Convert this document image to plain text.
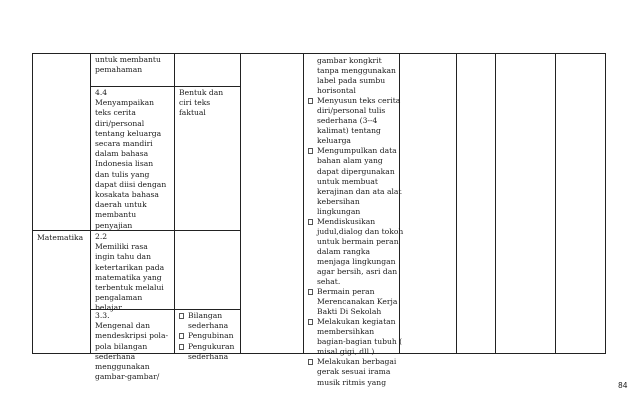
Matematika
untuk membantu
pemahaman
4.4
Menyampaikan
teks cerita
diri/personal
tentang keluarga
secara mandiri
dalam bahasa
Indonesia lisan
dan tulis yang
dapat diisi dengan
kosakata bahasa
daerah untuk
membantu
penyajian
2.2
Memiliki rasa
ingin tahu dan
ketertarikan pada
matematika yang
terbentuk melalui
pengalaman
belajar
3.3.
Mengenal dan
mendeskripsi pola-
pola bilangan
sederhana
menggunakan
gambar-gambar/
Bentuk dan
ciri teks
faktual
Bilangan
sederhana
Pengubinan
Pengukuran
sederhana
gambar kongkrit
tanpa menggunakan
label pada sumbu
horisontal
Menyusun teks cerita
diri/personal tulis
sederhana (3--4
kalimat) tentang
keluarga
Mengumpulkan data
bahan alam yang
dapat dipergunakan
untuk membuat
kerajinan dan ata alat
kebersihan
lingkungan
Mendiskusikan
judul,dialog dan tokoh
untuk bermain peran
dalam rangka
menjaga lingkungan
agar bersih, asri dan
sehat.
Bermain peran
Merencanakan Kerja
Bakti Di Sekolah
Melakukan kegiatan
membersihkan
bagian-bagian tubuh (
misal gigi, dll )
Melakukan berbagai
gerak sesuai irama
musik ritmis yang	84
